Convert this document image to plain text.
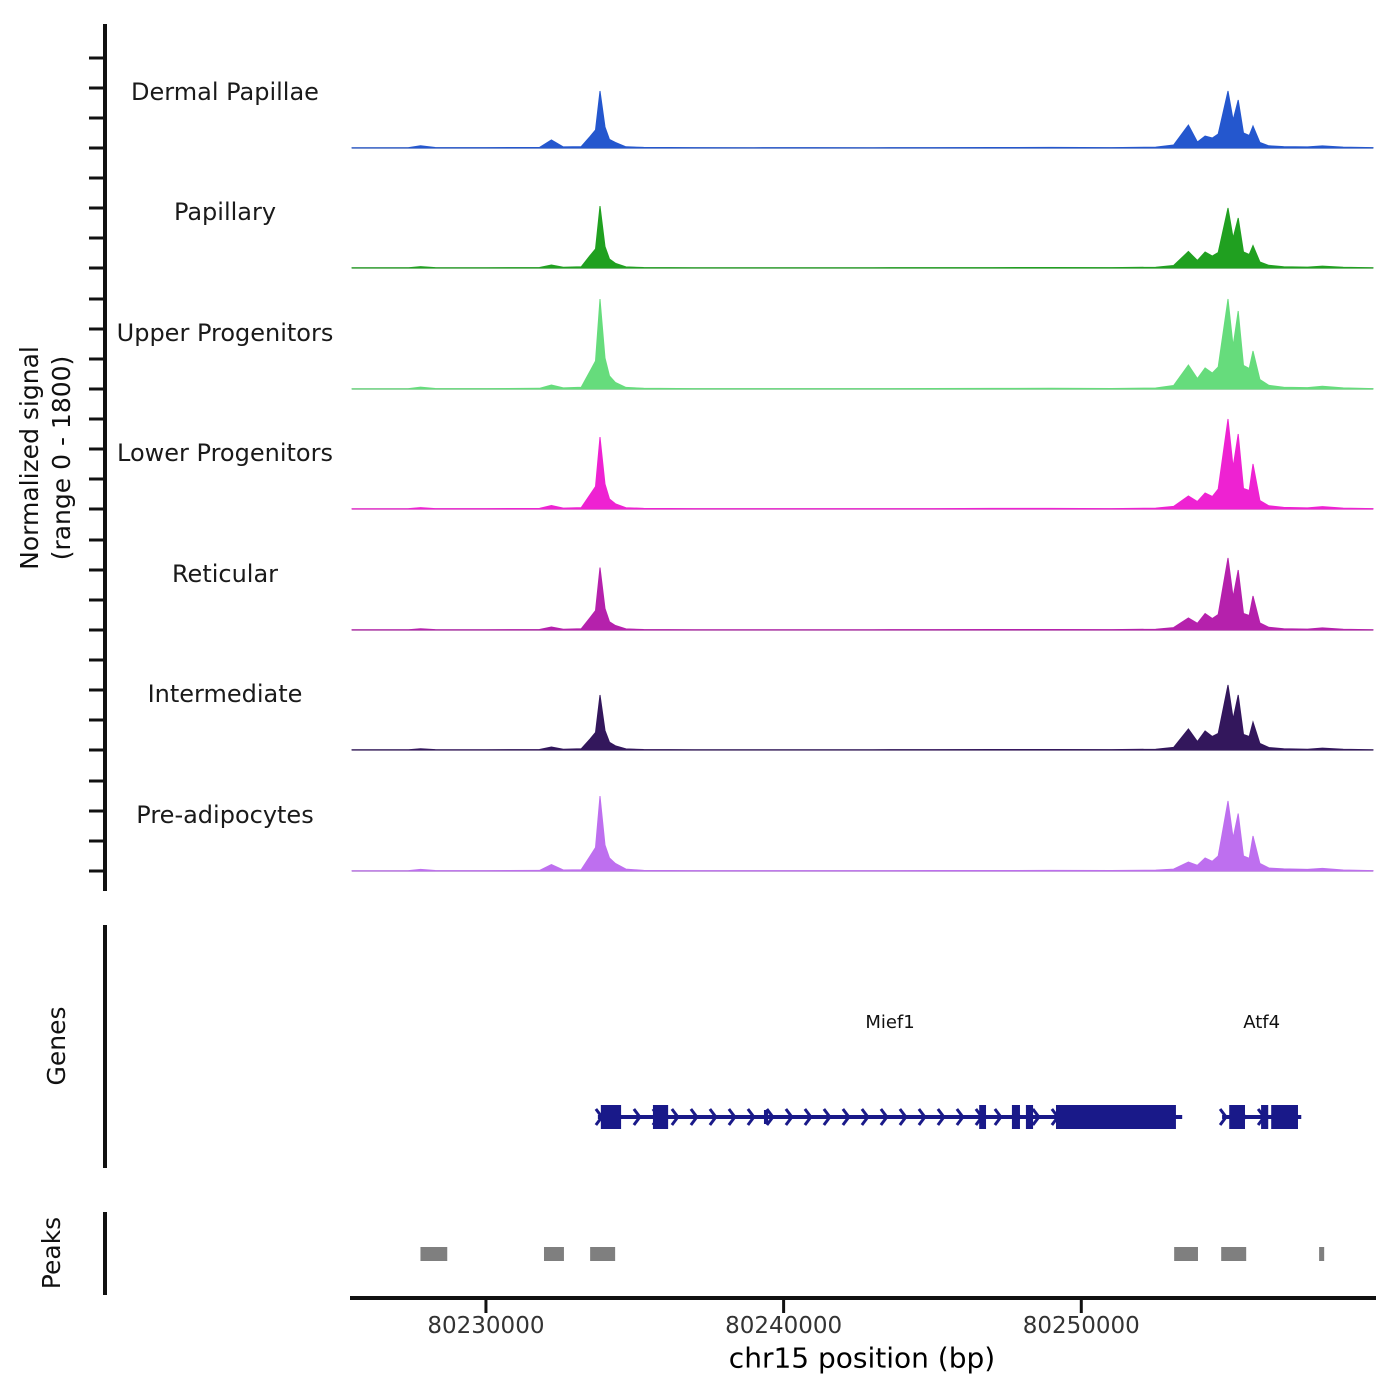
Normalized signal (range 0 - 1800)
Genes
Peaks
chr15 position (bp)
Dermal Papillae
Papillary
Upper Progenitors
Lower Progenitors
Reticular
Intermediate
Pre-adipocytes
Mief1	Atf4
80230000	80240000	80250000
